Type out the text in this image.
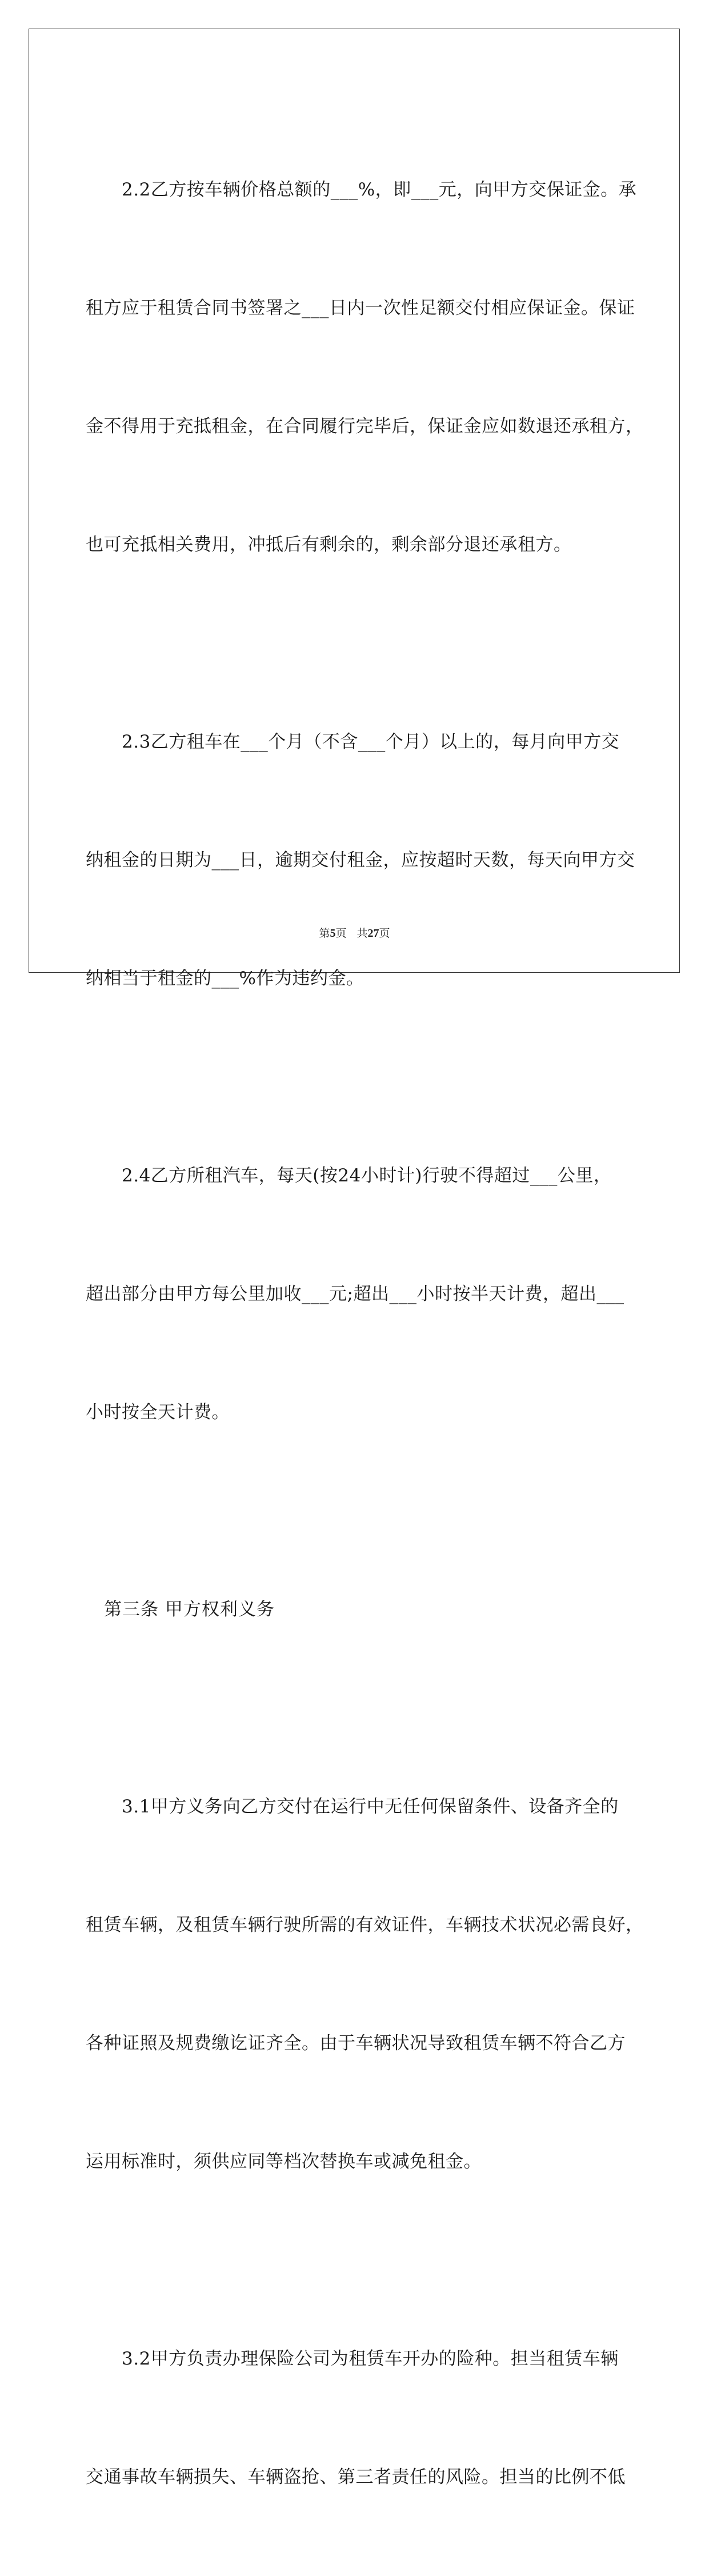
　　2.2乙方按车辆价格总额的___%，即___元，向甲方交保证金。承

租方应于租赁合同书签署之___日内一次性足额交付相应保证金。保证

金不得用于充抵租金，在合同履行完毕后，保证金应如数退还承租方，

也可充抵相关费用，冲抵后有剩余的，剩余部分退还承租方。

　　2.3乙方租车在___个月（不含___个月）以上的，每月向甲方交

纳租金的日期为___日，逾期交付租金，应按超时天数，每天向甲方交

纳相当于租金的___%作为违约金。

　　2.4乙方所租汽车，每天(按24小时计)行驶不得超过___公里，

超出部分由甲方每公里加收___元;超出___小时按半天计费，超出___

小时按全天计费。

　第三条 甲方权利义务

　　3.1甲方义务向乙方交付在运行中无任何保留条件、设备齐全的

租赁车辆，及租赁车辆行驶所需的有效证件，车辆技术状况必需良好，

各种证照及规费缴讫证齐全。由于车辆状况导致租赁车辆不符合乙方

运用标准时，须供应同等档次替换车或减免租金。

　　3.2甲方负责办理保险公司为租赁车开办的险种。担当租赁车辆

交通事故车辆损失、车辆盗抢、第三者责任的风险。担当的比例不低

第5页 共27页
